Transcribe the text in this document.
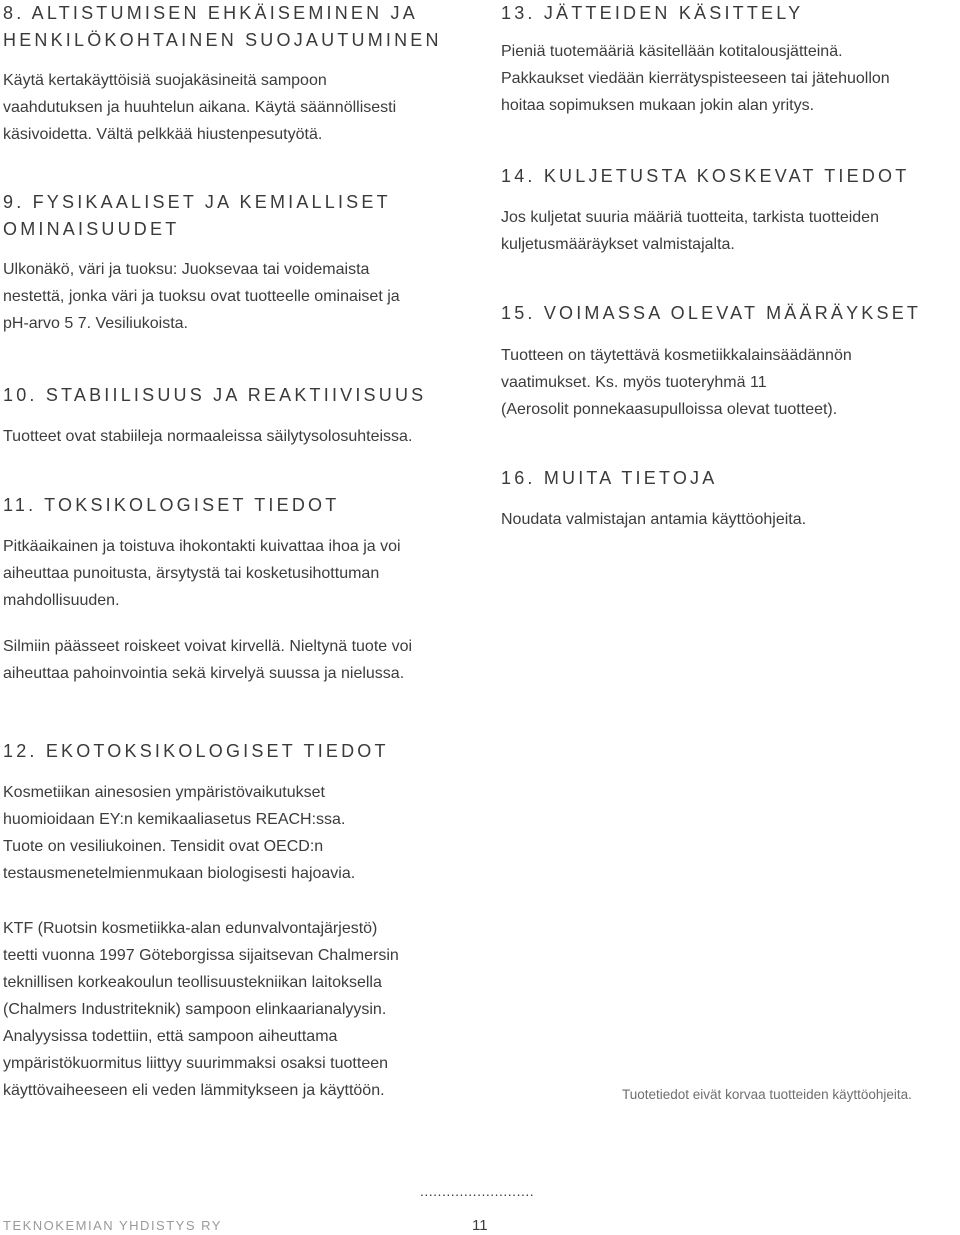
8. ALTISTUMISEN EHKÄISEMINEN JA
HENKILÖKOHTAINEN SUOJAUTUMINEN

Käytä kertakäyttöisiä suojakäsineitä sampoon
vaahdutuksen ja huuhtelun aikana. Käytä säännöllisesti
käsivoidetta. Vältä pelkkää hiustenpesutyötä.

9. FYSIKAALISET JA KEMIALLISET
OMINAISUUDET

Ulkonäkö, väri ja tuoksu: Juoksevaa tai voidemaista
nestettä, jonka väri ja tuoksu ovat tuotteelle ominaiset ja
pH-arvo 5 7. Vesiliukoista.

10. STABIILISUUS JA REAKTIIVISUUS

Tuotteet ovat stabiileja normaaleissa säilytysolosuhteissa.

11. TOKSIKOLOGISET TIEDOT

Pitkäaikainen ja toistuva ihokontakti kuivattaa ihoa ja voi
aiheuttaa punoitusta, ärsytystä tai kosketusihottuman
mahdollisuuden.

Silmiin päässeet roiskeet voivat kirvellä. Nieltynä tuote voi
aiheuttaa pahoinvointia sekä kirvelyä suussa ja nielussa.

12. EKOTOKSIKOLOGISET TIEDOT

Kosmetiikan ainesosien ympäristövaikutukset
huomioidaan EY:n kemikaaliasetus REACH:ssa.
Tuote on vesiliukoinen. Tensidit ovat OECD:n
testausmenetelmienmukaan biologisesti hajoavia.

KTF (Ruotsin kosmetiikka-alan edunvalvontajärjestö)
teetti vuonna 1997 Göteborgissa sijaitsevan Chalmersin
teknillisen korkeakoulun teollisuustekniikan laitoksella
(Chalmers Industriteknik) sampoon elinkaarianalyysin.
Analyysissa todettiin, että sampoon aiheuttama
ympäristökuormitus liittyy suurimmaksi osaksi tuotteen
käyttövaiheeseen eli veden lämmitykseen ja käyttöön.

13. JÄTTEIDEN KÄSITTELY

Pieniä tuotemääriä käsitellään kotitalousjätteinä.
Pakkaukset viedään kierrätyspisteeseen tai jätehuollon
hoitaa sopimuksen mukaan jokin alan yritys.

14. KULJETUSTA KOSKEVAT TIEDOT

Jos kuljetat suuria määriä tuotteita, tarkista tuotteiden
kuljetusmääräykset valmistajalta.

15. VOIMASSA OLEVAT MÄÄRÄYKSET

Tuotteen on täytettävä kosmetiikkalainsäädännön
vaatimukset. Ks. myös tuoteryhmä 11
(Aerosolit ponnekaasupulloissa olevat tuotteet).

16. MUITA TIETOJA

Noudata valmistajan antamia käyttöohjeita.

Tuotetiedot eivät korvaa tuotteiden käyttöohjeita.
..........................
TEKNOKEMIAN YHDISTYS RY	11
